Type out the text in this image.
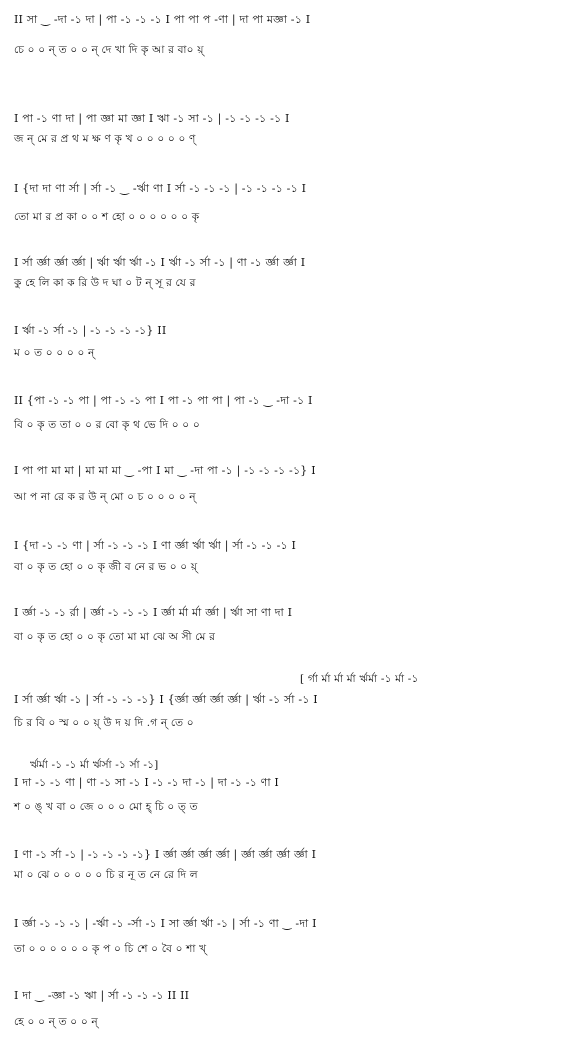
II সা ‿ -দা -১ দা | পা -১ -১ -১ I পা পা প -ণা | দা পা মজ্ঞা -১ I
চে ০ ০ ন্ ত ০ ০ ন্ দে খা দি কৃ আ র বা০ য়্
I পা -১ ণা দা | পা জ্ঞা মা জ্ঞা I ঋা -১ সা -১ | -১ -১ -১ -১ I
জ ন্ মে র প্র থ ম ক্ষ ণ কৃ খ ০ ০ ০ ০ ০ ণ্
I {দা দা ণা র্সা | র্সা -১ ‿ -র্ঋা ণা I র্সা -১ -১ -১ | -১ -১ -১ -১ I
তো মা র প্র কা ০ ০ শ হো ০ ০ ০ ০ ০ ০ কৃ
I র্সা র্জ্ঞা র্জ্ঞা র্জ্ঞা | র্ঋা র্ঋা র্ঋা -১ I র্ঋা -১ র্সা -১ | ণা -১ র্জ্ঞা র্জ্ঞা I
কু হে লি কা ক রি উ দ ঘা ০ ট ন্ সূ র যে র
I র্ঋা -১ র্সা -১ | -১ -১ -১ -১} II
ম ০ ত ০ ০ ০ ০ ন্
II {পা -১ -১ পা | পা -১ -১ পা I পা -১ পা পা | পা -১ ‿ -দা -১ I
বি ০ কৃ ত তা ০ ০ র বো কৃ থ ভে দি ০ ০ ০
I পা পা মা মা | মা মা মা ‿ -পা I মা ‿ -দা পা -১ | -১ -১ -১ -১} I
আ প না রে ক র উ ন্ মো ০ চ ০ ০ ০ ০ ন্
I {দা -১ -১ ণা | র্সা -১ -১ -১ I ণা র্জ্ঞা র্ঋা র্ঋা | র্সা -১ -১ -১ I
বা ০ কৃ ত হো ০ ০ কৃ জী ব নে র ভ ০ ০ য়্
I র্জ্ঞা -১ -১ র্রা | র্জ্ঞা -১ -১ -১ I র্জ্ঞা র্মা র্মা র্জ্ঞা | র্ঋা সা ণা দা I
বা ০ কৃ ত হো ০ ০ কৃ তো মা মা ঝে অ সী মে র
[ র্গা র্মা র্মা র্মা র্ঋর্মা -১ র্মা -১
I র্সা র্জ্ঞা র্ঋা -১ | র্সা -১ -১ -১} I {র্জ্ঞা র্জ্ঞা র্জ্ঞা র্জ্ঞা | র্ঋা -১ র্সা -১ I
চি র বি ০ স্ম ০ ০ য়্ উ দ য় দি .গ ন্ তে ০
র্ঋর্মা -১ -১ র্মা র্ঋর্সা -১ র্সা -১]
I দা -১ -১ ণা | ণা -১ সা -১ I -১ -১ দা -১ | দা -১ -১ ণা I
শ ০ ঙ্ খ বা ০ জে ০ ০ ০ মো হ্ চি ০ ত্ ত
I ণা -১ র্সা -১ | -১ -১ -১ -১} I র্জ্ঞা র্জ্ঞা র্জ্ঞা র্জ্ঞা | র্জ্ঞা র্জ্ঞা র্জ্ঞা র্জ্ঞা I
মা ০ ঝে ০ ০ ০ ০ ০ চি র নূ ত নে রে দি ল
I র্জ্ঞা -১ -১ -১ | -র্ঋা -১ -র্সা -১ I সা র্জ্ঞা র্ঋা -১ | র্সা -১ ণা ‿ -দা I
তা ০ ০ ০ ০ ০ ০ কৃ প ০ চি শে ০ বৈ ০ শা খ্
I দা ‿ -জ্ঞা -১ ঋা | র্সা -১ -১ -১ II II
হে ০ ০ ন্ ত ০ ০ ন্
